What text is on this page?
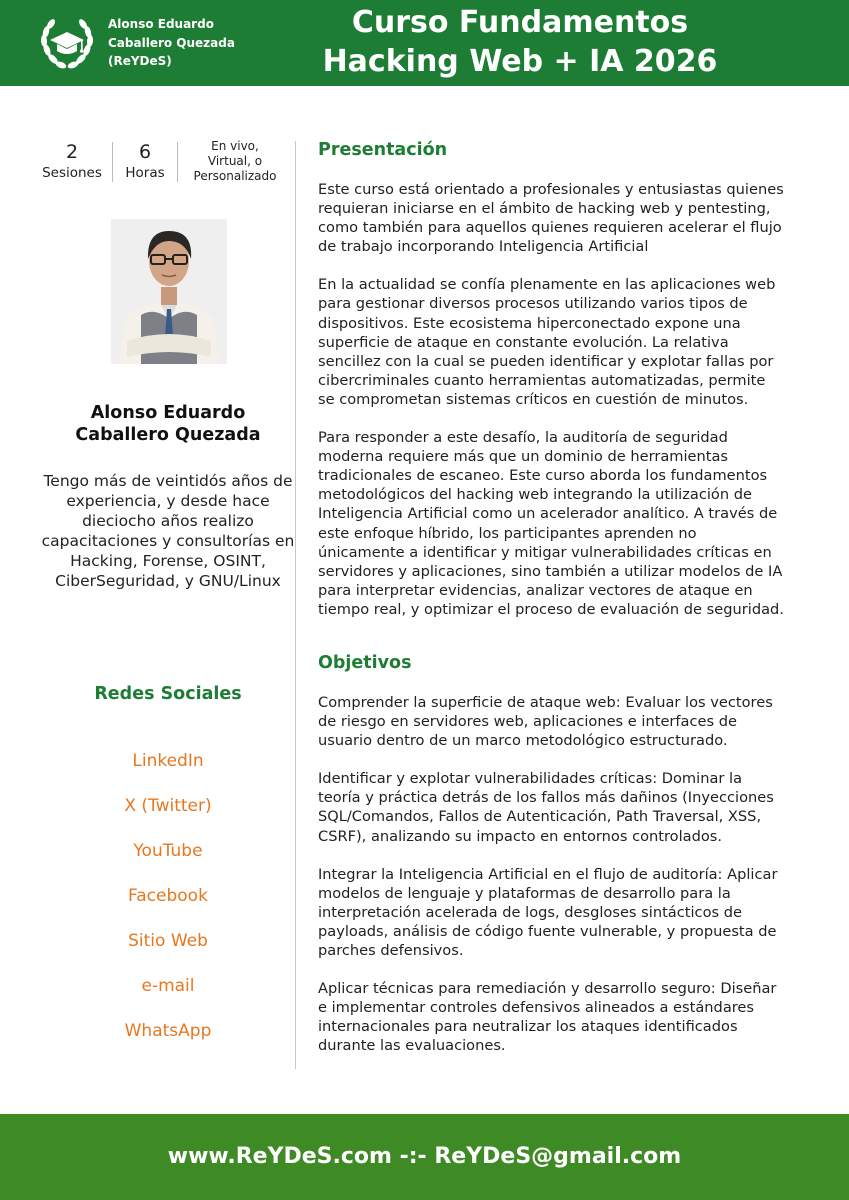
Alonso Eduardo
Caballero Quezada
(ReYDeS)
Curso Fundamentos
Hacking Web + IA 2026
2
Sesiones
6
Horas
En vivo,
Virtual, o
Personalizado
Alonso Eduardo
Caballero Quezada
Tengo más de veintidós años de experiencia, y desde hace dieciocho años realizo capacitaciones y consultorías en Hacking, Forense, OSINT, CiberSeguridad, y GNU/Linux
Redes Sociales
LinkedIn
X (Twitter)
YouTube
Facebook
Sitio Web
e-mail
WhatsApp
Presentación
Este curso está orientado a profesionales y entusiastas quienes
requieran iniciarse en el ámbito de hacking web y pentesting,
como también para aquellos quienes requieren acelerar el flujo
de trabajo incorporando Inteligencia Artificial
En la actualidad se confía plenamente en las aplicaciones web
para gestionar diversos procesos utilizando varios tipos de
dispositivos. Este ecosistema hiperconectado expone una
superficie de ataque en constante evolución. La relativa
sencillez con la cual se pueden identificar y explotar fallas por
cibercriminales cuanto herramientas automatizadas, permite
se comprometan sistemas críticos en cuestión de minutos.
Para responder a este desafío, la auditoría de seguridad
moderna requiere más que un dominio de herramientas
tradicionales de escaneo. Este curso aborda los fundamentos
metodológicos del hacking web integrando la utilización de
Inteligencia Artificial como un acelerador analítico. A través de
este enfoque híbrido, los participantes aprenden no
únicamente a identificar y mitigar vulnerabilidades críticas en
servidores y aplicaciones, sino también a utilizar modelos de IA
para interpretar evidencias, analizar vectores de ataque en
tiempo real, y optimizar el proceso de evaluación de seguridad.
Objetivos
Comprender la superficie de ataque web: Evaluar los vectores
de riesgo en servidores web, aplicaciones e interfaces de
usuario dentro de un marco metodológico estructurado.
Identificar y explotar vulnerabilidades críticas: Dominar la
teoría y práctica detrás de los fallos más dañinos (Inyecciones
SQL/Comandos, Fallos de Autenticación, Path Traversal, XSS,
CSRF), analizando su impacto en entornos controlados.
Integrar la Inteligencia Artificial en el flujo de auditoría: Aplicar
modelos de lenguaje y plataformas de desarrollo para la
interpretación acelerada de logs, desgloses sintácticos de
payloads, análisis de código fuente vulnerable, y propuesta de
parches defensivos.
Aplicar técnicas para remediación y desarrollo seguro: Diseñar
e implementar controles defensivos alineados a estándares
internacionales para neutralizar los ataques identificados
durante las evaluaciones.
www.ReYDeS.com -:- ReYDeS@gmail.com
